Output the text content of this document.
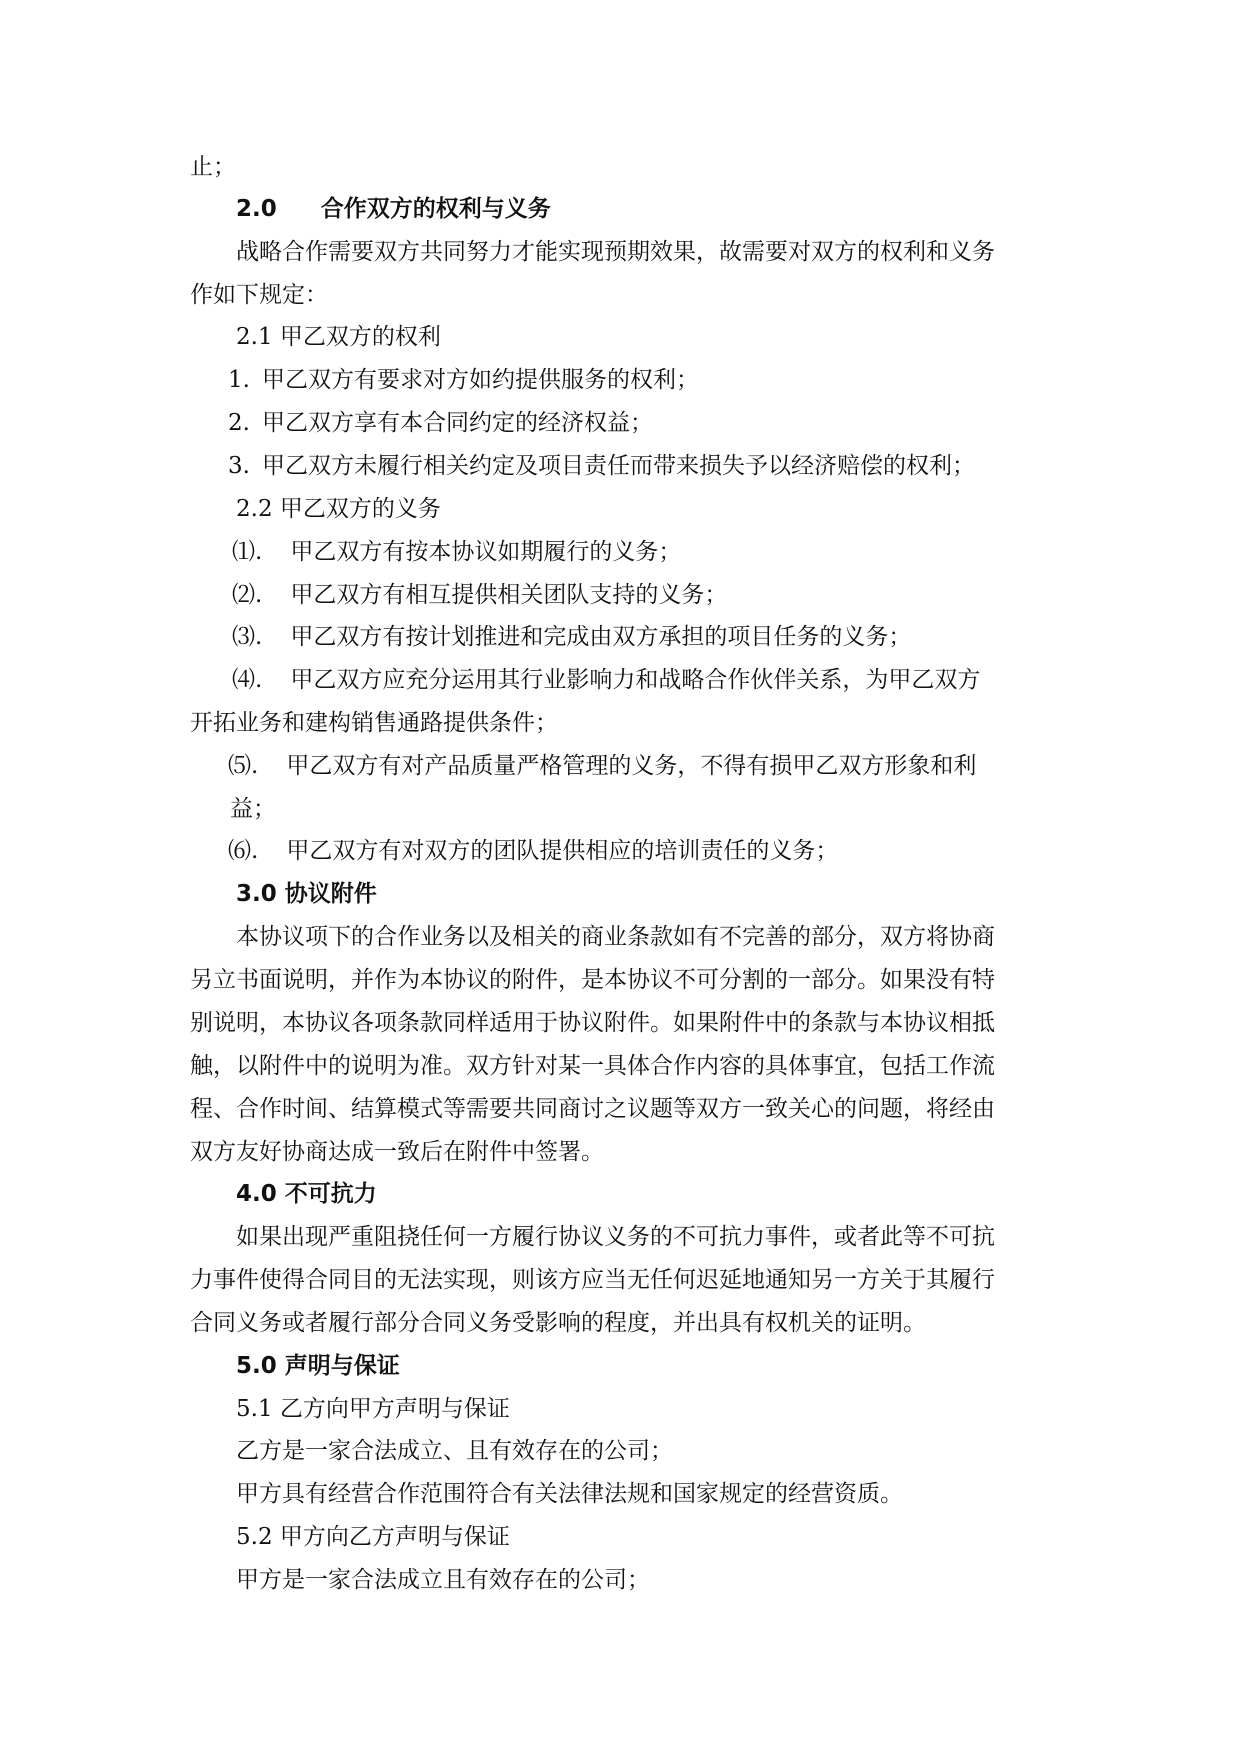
止；
2.0 合作双方的权利与义务
战略合作需要双方共同努力才能实现预期效果，故需要对双方的权利和义务
作如下规定：
2.1 甲乙双方的权利
1. 甲乙双方有要求对方如约提供服务的权利；
2. 甲乙双方享有本合同约定的经济权益；
3. 甲乙双方未履行相关约定及项目责任而带来损失予以经济赔偿的权利；
2.2 甲乙双方的义务
⑴. 甲乙双方有按本协议如期履行的义务；
⑵. 甲乙双方有相互提供相关团队支持的义务；
⑶. 甲乙双方有按计划推进和完成由双方承担的项目任务的义务；
⑷. 甲乙双方应充分运用其行业影响力和战略合作伙伴关系，为甲乙双方
开拓业务和建构销售通路提供条件；
⑸. 甲乙双方有对产品质量严格管理的义务，不得有损甲乙双方形象和利
益；
⑹. 甲乙双方有对双方的团队提供相应的培训责任的义务；
3.0 协议附件
本协议项下的合作业务以及相关的商业条款如有不完善的部分，双方将协商
另立书面说明，并作为本协议的附件，是本协议不可分割的一部分。如果没有特
别说明，本协议各项条款同样适用于协议附件。如果附件中的条款与本协议相抵
触，以附件中的说明为准。双方针对某一具体合作内容的具体事宜，包括工作流
程、合作时间、结算模式等需要共同商讨之议题等双方一致关心的问题，将经由
双方友好协商达成一致后在附件中签署。
4.0 不可抗力
如果出现严重阻挠任何一方履行协议义务的不可抗力事件，或者此等不可抗
力事件使得合同目的无法实现，则该方应当无任何迟延地通知另一方关于其履行
合同义务或者履行部分合同义务受影响的程度，并出具有权机关的证明。
5.0 声明与保证
5.1 乙方向甲方声明与保证
乙方是一家合法成立、且有效存在的公司；
甲方具有经营合作范围符合有关法律法规和国家规定的经营资质。
5.2 甲方向乙方声明与保证
甲方是一家合法成立且有效存在的公司；
